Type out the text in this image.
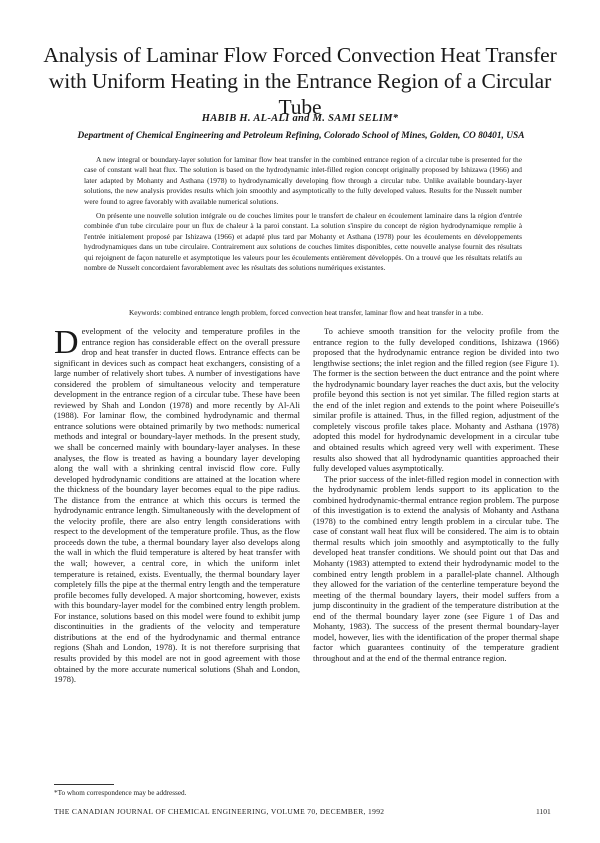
Analysis of Laminar Flow Forced Convection Heat Transfer
with Uniform Heating in the Entrance Region of a Circular Tube
HABIB H. AL-ALI and M. SAMI SELIM*
Department of Chemical Engineering and Petroleum Refining, Colorado School of Mines, Golden, CO 80401, USA
A new integral or boundary-layer solution for laminar flow heat transfer in the combined entrance region of a circular tube is presented for the case of constant wall heat flux. The solution is based on the hydrodynamic inlet-filled region concept originally proposed by Ishizawa (1966) and later adapted by Mohanty and Asthana (1978) to hydrodynamically developing flow through a circular tube. Unlike available boundary-layer solutions, the new analysis provides results which join smoothly and asymptotically to the fully developed values. Results for the Nusselt number were found to agree favorably with available numerical solutions.
On présente une nouvelle solution intégrale ou de couches limites pour le transfert de chaleur en écoulement laminaire dans la région d'entrée combinée d'un tube circulaire pour un flux de chaleur à la paroi constant. La solution s'inspire du concept de région hydrodynamique remplie à l'entrée initialement proposé par Ishizawa (1966) et adapté plus tard par Mohanty et Asthana (1978) pour les écoulements en développements hydrodynamiques dans un tube circulaire. Contrairement aux solutions de couches limites disponibles, cette nouvelle analyse fournit des résultats qui rejoignent de façon naturelle et asymptotique les valeurs pour les écoulements entièrement développés. On a trouvé que les résultats relatifs au nombre de Nusselt concordaient favorablement avec les résultats des solutions numériques existantes.
Keywords: combined entrance length problem, forced convection heat transfer, laminar flow and heat transfer in a tube.

Development of the velocity and temperature profiles in the entrance region has considerable effect on the overall pressure drop and heat transfer in ducted flows. Entrance effects can be significant in devices such as compact heat exchangers, consisting of a large number of relatively short tubes. A number of investigations have considered the problem of simultaneous velocity and temperature development in the entrance region of a circular tube. These have been reviewed by Shah and London (1978) and more recently by Al-Ali (1988). For laminar flow, the combined hydrodynamic and thermal entrance solutions were obtained primarily by two methods: numerical methods and integral or boundary-layer methods. In the present study, we shall be concerned mainly with boundary-layer analyses. In these analyses, the flow is treated as having a boundary layer developing along the wall with a shrinking central inviscid flow core. Fully developed hydrodynamic conditions are attained at the location where the thickness of the boundary layer becomes equal to the pipe radius. The distance from the entrance at which this occurs is termed the hydrodynamic entrance length. Simultaneously with the development of the velocity profile, there are also entry length considerations with respect to the development of the temperature profile. Thus, as the flow proceeds down the tube, a thermal boundary layer also develops along the wall in which the fluid temperature is altered by heat transfer with the wall; however, a central core, in which the uniform inlet temperature is retained, exists. Eventually, the thermal boundary layer completely fills the pipe at the thermal entry length and the temperature profile becomes fully developed. A major shortcoming, however, exists with this boundary-layer model for the combined entry length problem. For instance, solutions based on this model were found to exhibit jump discontinuities in the gradients of the velocity and temperature distributions at the end of the hydrodynamic and thermal entrance regions (Shah and London, 1978). It is not therefore surprising that results provided by this model are not in good agreement with those obtained by the more accurate numerical solutions (Shah and London, 1978).

To achieve smooth transition for the velocity profile from the entrance region to the fully developed conditions, Ishizawa (1966) proposed that the hydrodynamic entrance region be divided into two lengthwise sections; the inlet region and the filled region (see Figure 1). The former is the section between the duct entrance and the point where the hydrodynamic boundary layer reaches the duct axis, but the velocity profile beyond this section is not yet similar. The filled region starts at the end of the inlet region and extends to the point where Poiseuille's similar profile is attained. Thus, in the filled region, adjustment of the completely viscous profile takes place. Mohanty and Asthana (1978) adopted this model for hydrodynamic development in a circular tube and obtained results which agreed very well with experiment. These results also showed that all hydrodynamic quantities approached their fully developed values asymptotically.

The prior success of the inlet-filled region model in connection with the hydrodynamic problem lends support to its application to the combined hydrodynamic-thermal entrance region problem. The purpose of this investigation is to extend the analysis of Mohanty and Asthana (1978) to the combined entry length problem in a circular tube. The case of constant wall heat flux will be considered. The aim is to obtain thermal results which join smoothly and asymptotically to the fully developed heat transfer conditions. We should point out that Das and Mohanty (1983) attempted to extend their hydrodynamic model to the combined entry length problem in a parallel-plate channel. Although they allowed for the variation of the centerline temperature beyond the meeting of the thermal boundary layers, their model suffers from a jump discontinuity in the gradient of the temperature distribution at the end of the thermal boundary layer zone (see Figure 1 of Das and Mohanty, 1983). The success of the present thermal boundary-layer model, however, lies with the identification of the proper thermal shape factor which guarantees continuity of the temperature gradient throughout and at the end of the thermal entrance region.

*To whom correspondence may be addressed.
THE CANADIAN JOURNAL OF CHEMICAL ENGINEERING, VOLUME 70, DECEMBER, 1992	1101
